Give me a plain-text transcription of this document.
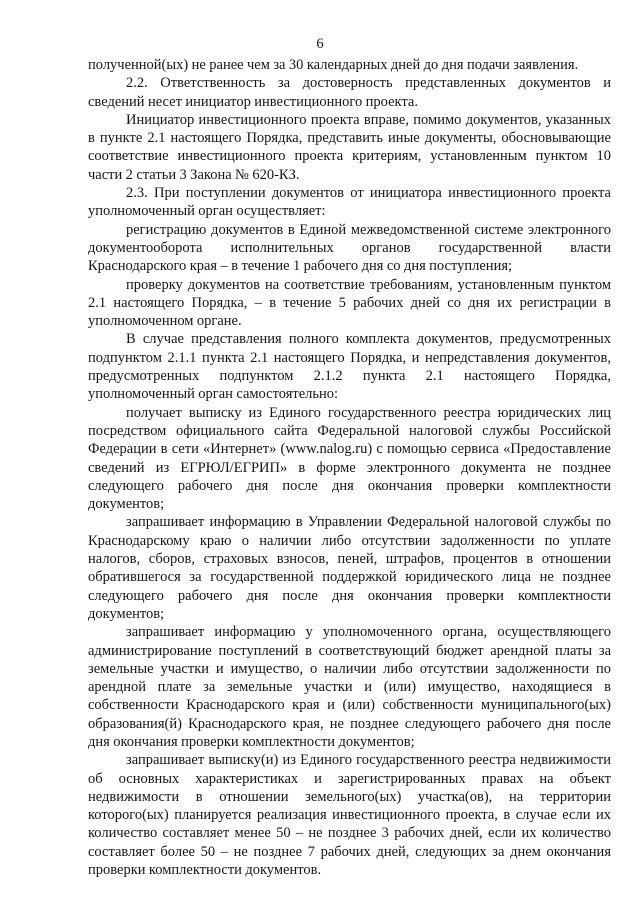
6

полученной(ых) не ранее чем за 30 календарных дней до дня подачи заявления.

2.2. Ответственность за достоверность представленных документов и сведений несет инициатор инвестиционного проекта.

Инициатор инвестиционного проекта вправе, помимо документов, указанных в пункте 2.1 настоящего Порядка, представить иные документы, обосновывающие соответствие инвестиционного проекта критериям, установленным пунктом 10 части 2 статьи 3 Закона № 620-КЗ.

2.3. При поступлении документов от инициатора инвестиционного проекта уполномоченный орган осуществляет:

регистрацию документов в Единой межведомственной системе электронного документооборота исполнительных органов государственной власти Краснодарского края – в течение 1 рабочего дня со дня поступления;

проверку документов на соответствие требованиям, установленным пунктом 2.1 настоящего Порядка, – в течение 5 рабочих дней со дня их регистрации в уполномоченном органе.

В случае представления полного комплекта документов, предусмотренных подпунктом 2.1.1 пункта 2.1 настоящего Порядка, и непредставления документов, предусмотренных подпунктом 2.1.2 пункта 2.1 настоящего Порядка, уполномоченный орган самостоятельно:

получает выписку из Единого государственного реестра юридических лиц посредством официального сайта Федеральной налоговой службы Российской Федерации в сети «Интернет» (www.nalog.ru) с помощью сервиса «Предоставление сведений из ЕГРЮЛ/ЕГРИП» в форме электронного документа не позднее следующего рабочего дня после дня окончания проверки комплектности документов;

запрашивает информацию в Управлении Федеральной налоговой службы по Краснодарскому краю о наличии либо отсутствии задолженности по уплате налогов, сборов, страховых взносов, пеней, штрафов, процентов в отношении обратившегося за государственной поддержкой юридического лица не позднее следующего рабочего дня после дня окончания проверки комплектности документов;

запрашивает информацию у уполномоченного органа, осуществляющего администрирование поступлений в соответствующий бюджет арендной платы за земельные участки и имущество, о наличии либо отсутствии задолженности по арендной плате за земельные участки и (или) имущество, находящиеся в собственности Краснодарского края и (или) собственности муниципального(ых) образования(й) Краснодарского края, не позднее следующего рабочего дня после дня окончания проверки комплектности документов;

запрашивает выписку(и) из Единого государственного реестра недвижимости об основных характеристиках и зарегистрированных правах на объект недвижимости в отношении земельного(ых) участка(ов), на территории которого(ых) планируется реализация инвестиционного проекта, в случае если их количество составляет менее 50 – не позднее 3 рабочих дней, если их количество составляет более 50 – не позднее 7 рабочих дней, следующих за днем окончания проверки комплектности документов.
